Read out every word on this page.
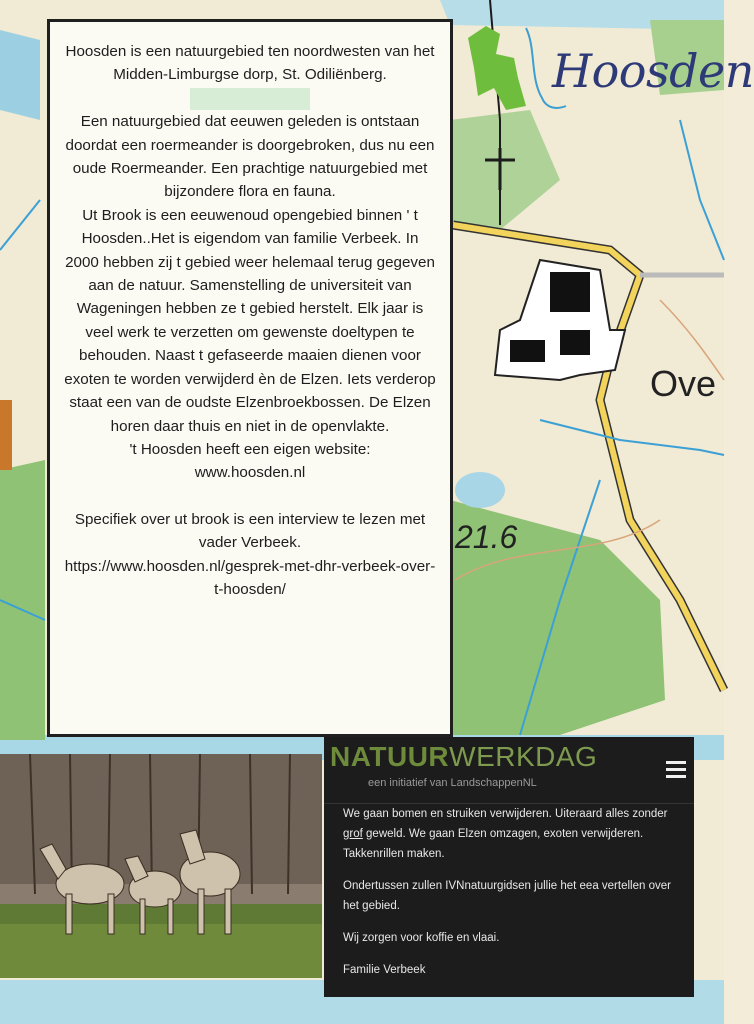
Ove
21.6
Hoosden

Hoosden is een natuurgebied ten noordwesten van het Midden-Limburgse dorp, St. Odiliënberg.

Een natuurgebied dat eeuwen geleden is ontstaan doordat een roermeander is doorgebroken, dus nu een oude Roermeander. Een prachtige natuurgebied met bijzondere flora en fauna.

Ut Brook is een eeuwenoud opengebied binnen ' t Hoosden..Het is eigendom van familie Verbeek. In 2000 hebben zij t gebied weer helemaal terug gegeven aan de natuur. Samenstelling de universiteit van Wageningen hebben ze t gebied herstelt. Elk jaar is veel werk te verzetten om gewenste doeltypen te behouden. Naast t gefaseerde maaien dienen voor exoten te worden verwijderd èn de Elzen. Iets verderop staat een van de oudste Elzenbroekbossen. De Elzen horen daar thuis en niet in de openvlakte.

't Hoosden heeft een eigen website:

www.hoosden.nl

Specifiek over ut brook is een interview te lezen met vader Verbeek.

https://www.hoosden.nl/gesprek-met-dhr-verbeek-over-t-hoosden/

NATUURWERKDAG
een initiatief van LandschappenNL

We gaan bomen en struiken verwijderen. Uiteraard alles zonder grof geweld. We gaan Elzen omzagen, exoten verwijderen. Takkenrillen maken.

Ondertussen zullen IVNnatuurgidsen jullie het eea vertellen over het gebied.

Wij zorgen voor koffie en vlaai.

Familie Verbeek
